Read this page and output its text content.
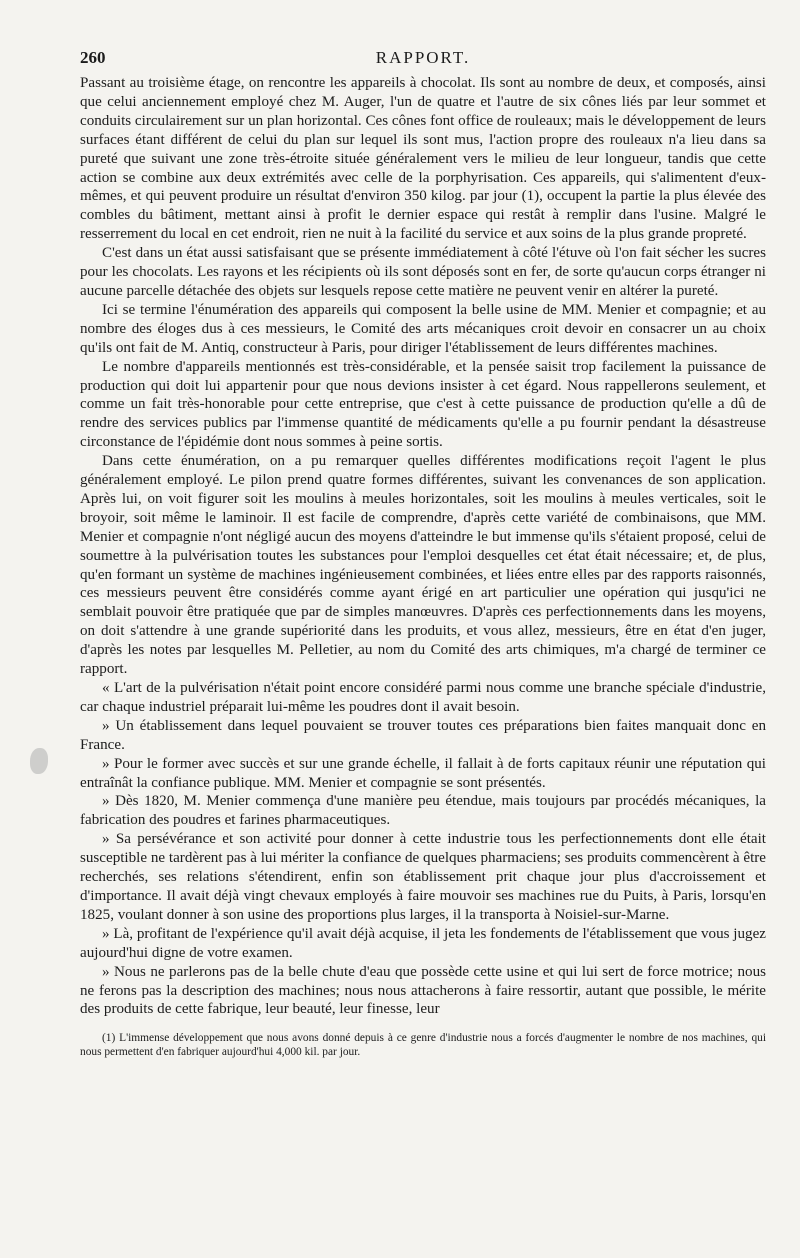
260	RAPPORT.

Passant au troisième étage, on rencontre les appareils à chocolat. Ils sont au nombre de deux, et composés, ainsi que celui anciennement employé chez M. Auger, l'un de quatre et l'autre de six cônes liés par leur sommet et conduits circulairement sur un plan horizontal. Ces cônes font office de rouleaux; mais le développement de leurs surfaces étant différent de celui du plan sur lequel ils sont mus, l'action propre des rouleaux n'a lieu dans sa pureté que suivant une zone très-étroite située généralement vers le milieu de leur longueur, tandis que cette action se combine aux deux extrémités avec celle de la porphyrisation. Ces appareils, qui s'alimentent d'eux-mêmes, et qui peuvent produire un résultat d'environ 350 kilog. par jour (1), occupent la partie la plus élevée des combles du bâtiment, mettant ainsi à profit le dernier espace qui restât à remplir dans l'usine. Malgré le resserrement du local en cet endroit, rien ne nuit à la facilité du service et aux soins de la plus grande propreté.

C'est dans un état aussi satisfaisant que se présente immédiatement à côté l'étuve où l'on fait sécher les sucres pour les chocolats. Les rayons et les récipients où ils sont déposés sont en fer, de sorte qu'aucun corps étranger ni aucune parcelle détachée des objets sur lesquels repose cette matière ne peuvent venir en altérer la pureté.

Ici se termine l'énumération des appareils qui composent la belle usine de MM. Menier et compagnie; et au nombre des éloges dus à ces messieurs, le Comité des arts mécaniques croit devoir en consacrer un au choix qu'ils ont fait de M. Antiq, constructeur à Paris, pour diriger l'établissement de leurs différentes machines.

Le nombre d'appareils mentionnés est très-considérable, et la pensée saisit trop facilement la puissance de production qui doit lui appartenir pour que nous devions insister à cet égard. Nous rappellerons seulement, et comme un fait très-honorable pour cette entreprise, que c'est à cette puissance de production qu'elle a dû de rendre des services publics par l'immense quantité de médicaments qu'elle a pu fournir pendant la désastreuse circonstance de l'épidémie dont nous sommes à peine sortis.

Dans cette énumération, on a pu remarquer quelles différentes modifications reçoit l'agent le plus généralement employé. Le pilon prend quatre formes différentes, suivant les convenances de son application. Après lui, on voit figurer soit les moulins à meules horizontales, soit les moulins à meules verticales, soit le broyoir, soit même le laminoir. Il est facile de comprendre, d'après cette variété de combinaisons, que MM. Menier et compagnie n'ont négligé aucun des moyens d'atteindre le but immense qu'ils s'étaient proposé, celui de soumettre à la pulvérisation toutes les substances pour l'emploi desquelles cet état était nécessaire; et, de plus, qu'en formant un système de machines ingénieusement combinées, et liées entre elles par des rapports raisonnés, ces messieurs peuvent être considérés comme ayant érigé en art particulier une opération qui jusqu'ici ne semblait pouvoir être pratiquée que par de simples manœuvres. D'après ces perfectionnements dans les moyens, on doit s'attendre à une grande supériorité dans les produits, et vous allez, messieurs, être en état d'en juger, d'après les notes par lesquelles M. Pelletier, au nom du Comité des arts chimiques, m'a chargé de terminer ce rapport.

« L'art de la pulvérisation n'était point encore considéré parmi nous comme une branche spéciale d'industrie, car chaque industriel préparait lui-même les poudres dont il avait besoin.

» Un établissement dans lequel pouvaient se trouver toutes ces préparations bien faites manquait donc en France.

» Pour le former avec succès et sur une grande échelle, il fallait à de forts capitaux réunir une réputation qui entraînât la confiance publique. MM. Menier et compagnie se sont présentés.

» Dès 1820, M. Menier commença d'une manière peu étendue, mais toujours par procédés mécaniques, la fabrication des poudres et farines pharmaceutiques.

» Sa persévérance et son activité pour donner à cette industrie tous les perfectionnements dont elle était susceptible ne tardèrent pas à lui mériter la confiance de quelques pharmaciens; ses produits commencèrent à être recherchés, ses relations s'étendirent, enfin son établissement prit chaque jour plus d'accroissement et d'importance. Il avait déjà vingt chevaux employés à faire mouvoir ses machines rue du Puits, à Paris, lorsqu'en 1825, voulant donner à son usine des proportions plus larges, il la transporta à Noisiel-sur-Marne.

» Là, profitant de l'expérience qu'il avait déjà acquise, il jeta les fondements de l'établissement que vous jugez aujourd'hui digne de votre examen.

» Nous ne parlerons pas de la belle chute d'eau que possède cette usine et qui lui sert de force motrice; nous ne ferons pas la description des machines; nous nous attacherons à faire ressortir, autant que possible, le mérite des produits de cette fabrique, leur beauté, leur finesse, leur

(1) L'immense développement que nous avons donné depuis à ce genre d'industrie nous a forcés d'augmenter le nombre de nos machines, qui nous permettent d'en fabriquer aujourd'hui 4,000 kil. par jour.
